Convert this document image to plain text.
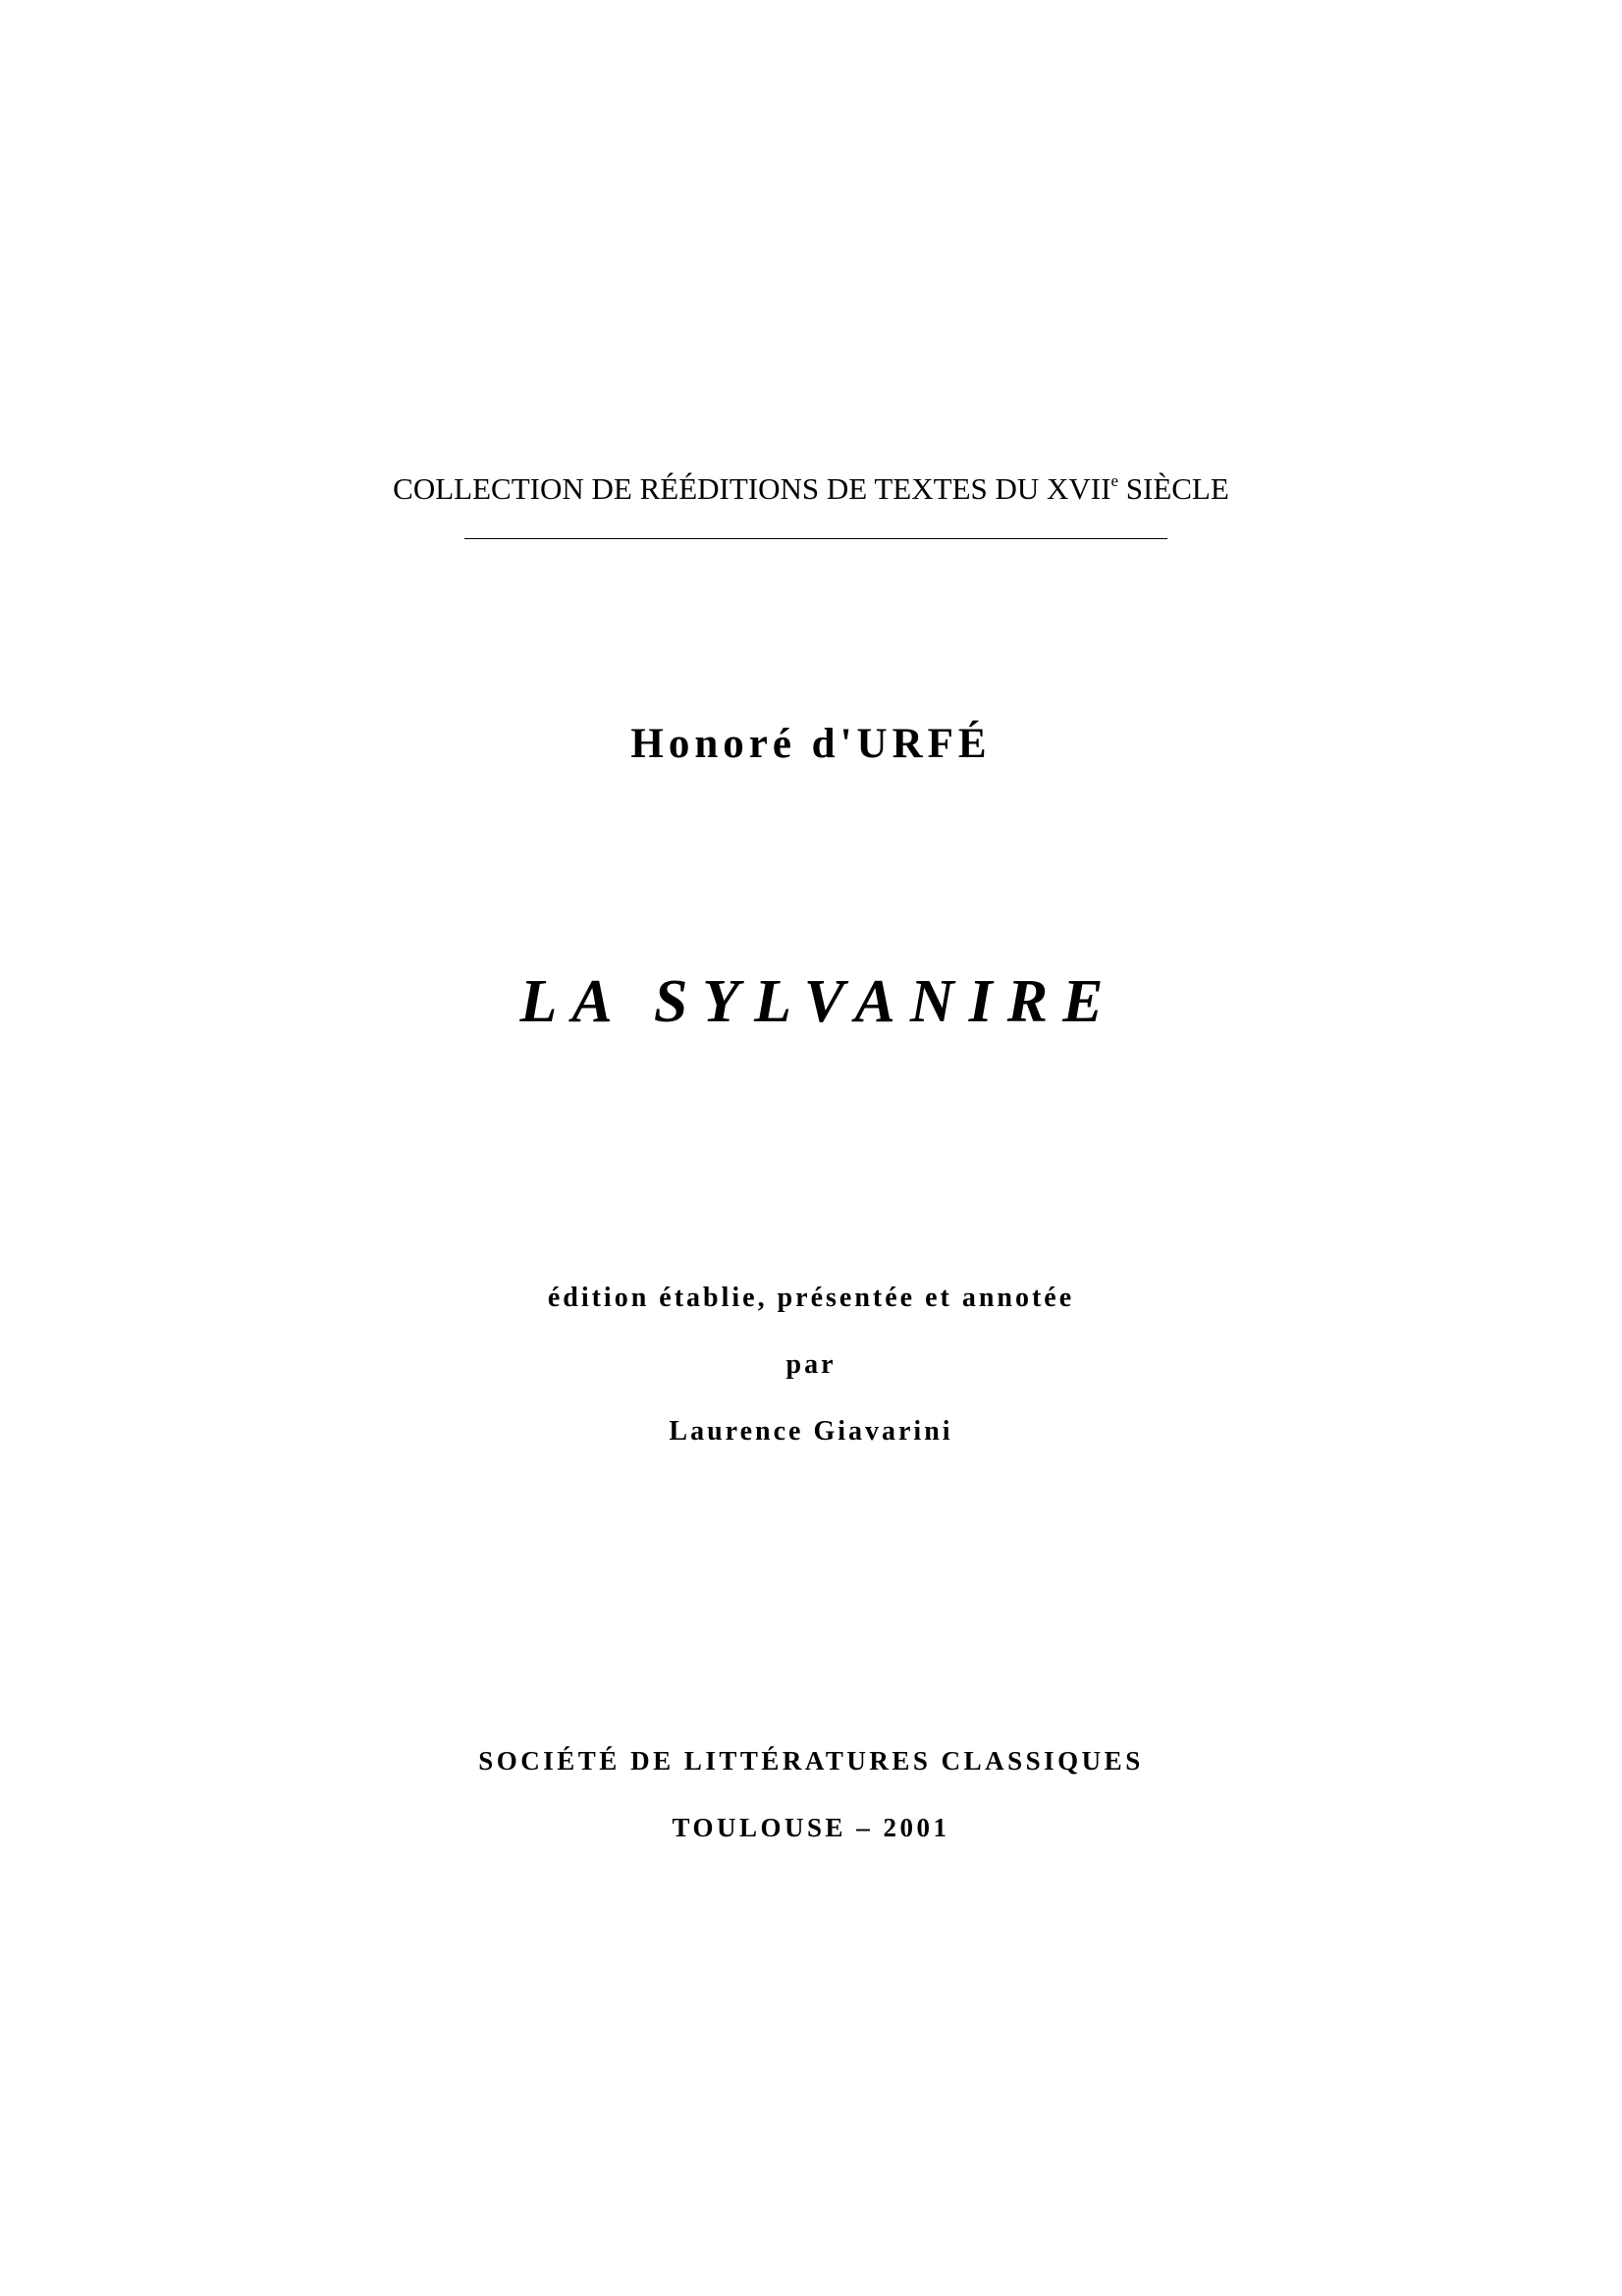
COLLECTION DE RÉÉDITIONS DE TEXTES DU XVIIe SIÈCLE
Honoré d'URFÉ
LA SYLVANIRE
édition établie, présentée et annotée
par
Laurence Giavarini
SOCIÉTÉ DE LITTÉRATURES CLASSIQUES
TOULOUSE – 2001
